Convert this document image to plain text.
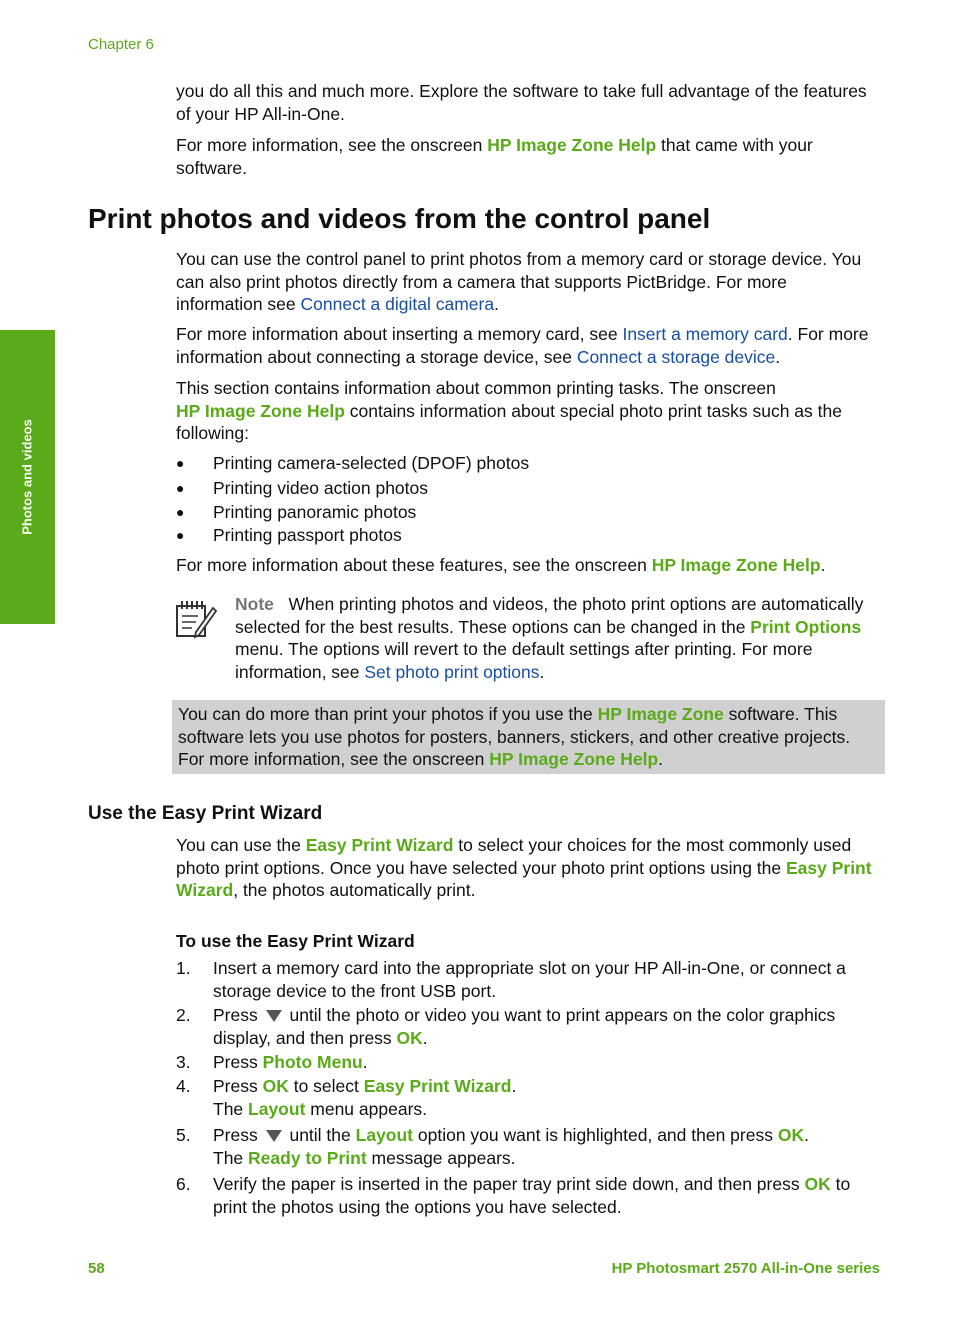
Chapter 6
Photos and videos

you do all this and much more. Explore the software to take full advantage of the features of your HP All-in-One.

For more information, see the onscreen HP Image Zone Help that came with your software.

Print photos and videos from the control panel

You can use the control panel to print photos from a memory card or storage device. You can also print photos directly from a camera that supports PictBridge. For more information see Connect a digital camera.

For more information about inserting a memory card, see Insert a memory card. For more information about connecting a storage device, see Connect a storage device.

This section contains information about common printing tasks. The onscreen
HP Image Zone Help contains information about special photo print tasks such as the following:

●	Printing camera-selected (DPOF) photos
●	Printing video action photos
●	Printing panoramic photos
●	Printing passport photos

For more information about these features, see the onscreen HP Image Zone Help.

Note   When printing photos and videos, the photo print options are automatically selected for the best results. These options can be changed in the Print Options menu. The options will revert to the default settings after printing. For more information, see Set photo print options.

You can do more than print your photos if you use the HP Image Zone software. This software lets you use photos for posters, banners, stickers, and other creative projects. For more information, see the onscreen HP Image Zone Help.

Use the Easy Print Wizard

You can use the Easy Print Wizard to select your choices for the most commonly used photo print options. Once you have selected your photo print options using the Easy Print Wizard, the photos automatically print.

To use the Easy Print Wizard
1. Insert a memory card into the appropriate slot on your HP All-in-One, or connect a storage device to the front USB port.
2. Press  until the photo or video you want to print appears on the color graphics display, and then press OK.
3. Press Photo Menu.
4. Press OK to select Easy Print Wizard.
The Layout menu appears.
5. Press  until the Layout option you want is highlighted, and then press OK.
The Ready to Print message appears.
6. Verify the paper is inserted in the paper tray print side down, and then press OK to print the photos using the options you have selected.
58	HP Photosmart 2570 All-in-One series
